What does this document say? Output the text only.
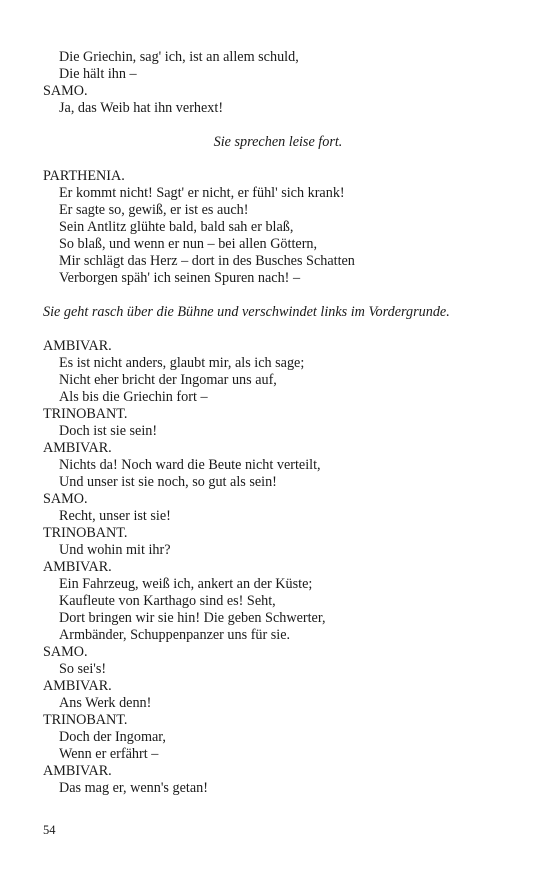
Die Griechin, sag' ich, ist an allem schuld,
Die hält ihn –
SAMO.
Ja, das Weib hat ihn verhext!
Sie sprechen leise fort.
PARTHENIA.
Er kommt nicht! Sagt' er nicht, er fühl' sich krank!
Er sagte so, gewiß, er ist es auch!
Sein Antlitz glühte bald, bald sah er blaß,
So blaß, und wenn er nun – bei allen Göttern,
Mir schlägt das Herz – dort in des Busches Schatten
Verborgen späh' ich seinen Spuren nach! –
Sie geht rasch über die Bühne und verschwindet links im Vordergrunde.
AMBIVAR.
Es ist nicht anders, glaubt mir, als ich sage;
Nicht eher bricht der Ingomar uns auf,
Als bis die Griechin fort –
TRINOBANT.
Doch ist sie sein!
AMBIVAR.
Nichts da! Noch ward die Beute nicht verteilt,
Und unser ist sie noch, so gut als sein!
SAMO.
Recht, unser ist sie!
TRINOBANT.
Und wohin mit ihr?
AMBIVAR.
Ein Fahrzeug, weiß ich, ankert an der Küste;
Kaufleute von Karthago sind es! Seht,
Dort bringen wir sie hin! Die geben Schwerter,
Armbänder, Schuppenpanzer uns für sie.
SAMO.
So sei's!
AMBIVAR.
Ans Werk denn!
TRINOBANT.
Doch der Ingomar,
Wenn er erfährt –
AMBIVAR.
Das mag er, wenn's getan!
54
